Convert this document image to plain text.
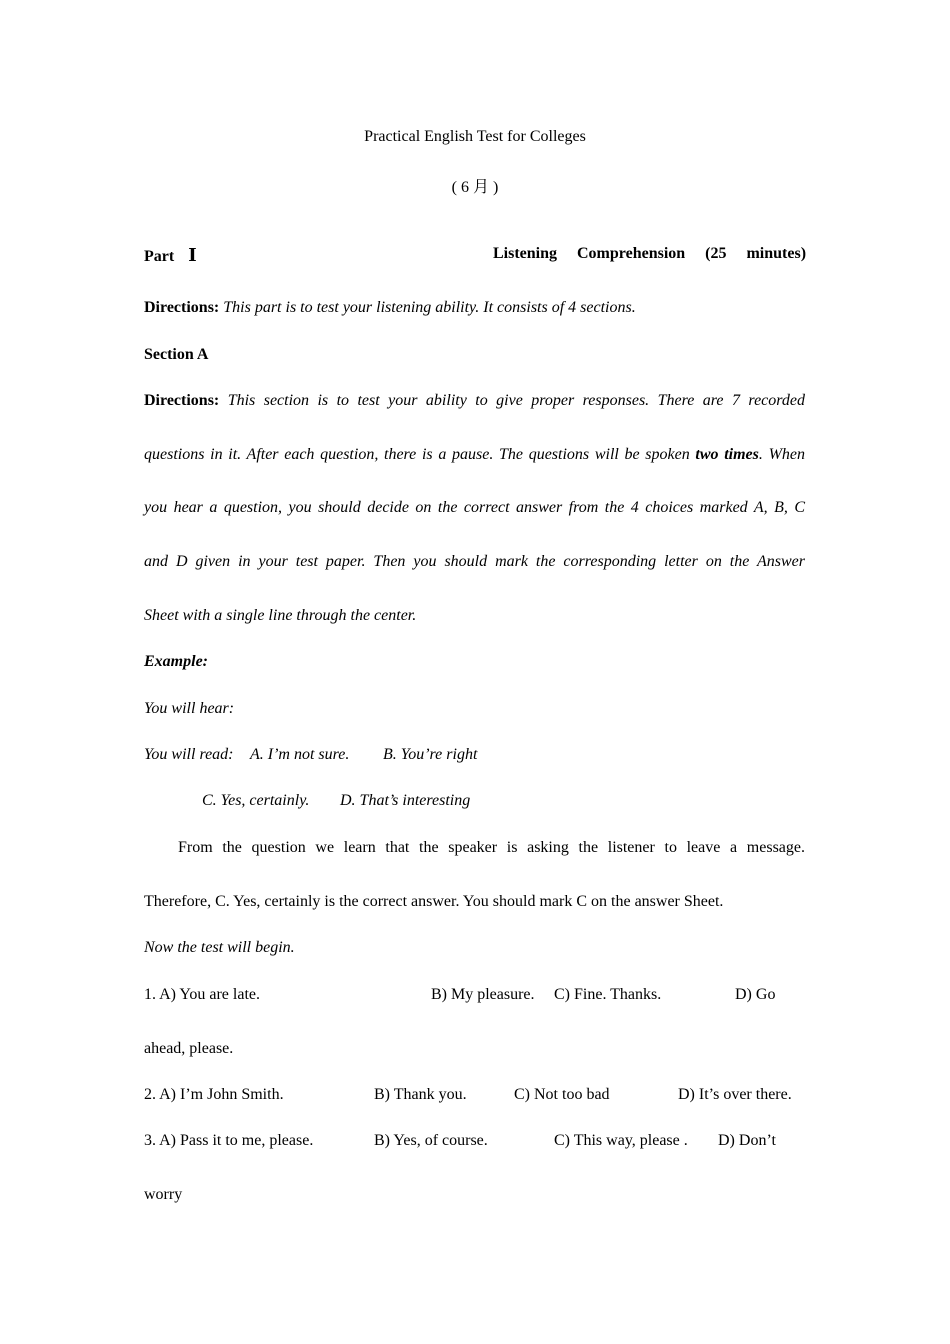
Practical English Test for Colleges
( 6 月 )
Part Ⅰ	Listening Comprehension (25 minutes)
Directions: This part is to test your listening ability. It consists of 4 sections.
Section A
Directions: This section is to test your ability to give proper responses. There are 7 recorded
questions in it. After each question, there is a pause. The questions will be spoken two times. When
you hear a question, you should decide on the correct answer from the 4 choices marked A, B, C
and D given in your test paper. Then you should mark the corresponding letter on the Answer
Sheet with a single line through the center.
Example:
You will hear:
You will read: A. I’m not sure. B. You’re right
C. Yes, certainly. D. That’s interesting
From the question we learn that the speaker is asking the listener to leave a message.
Therefore, C. Yes, certainly is the correct answer. You should mark C on the answer Sheet.
Now the test will begin.
1. A) You are late.	B) My pleasure. C) Fine. Thanks.	D) Go
ahead, please.
2. A) I’m John Smith.	B) Thank you.	C) Not too bad	D) It’s over there.
3. A) Pass it to me, please.	B) Yes, of course.	C) This way, please . D) Don’t
worry
